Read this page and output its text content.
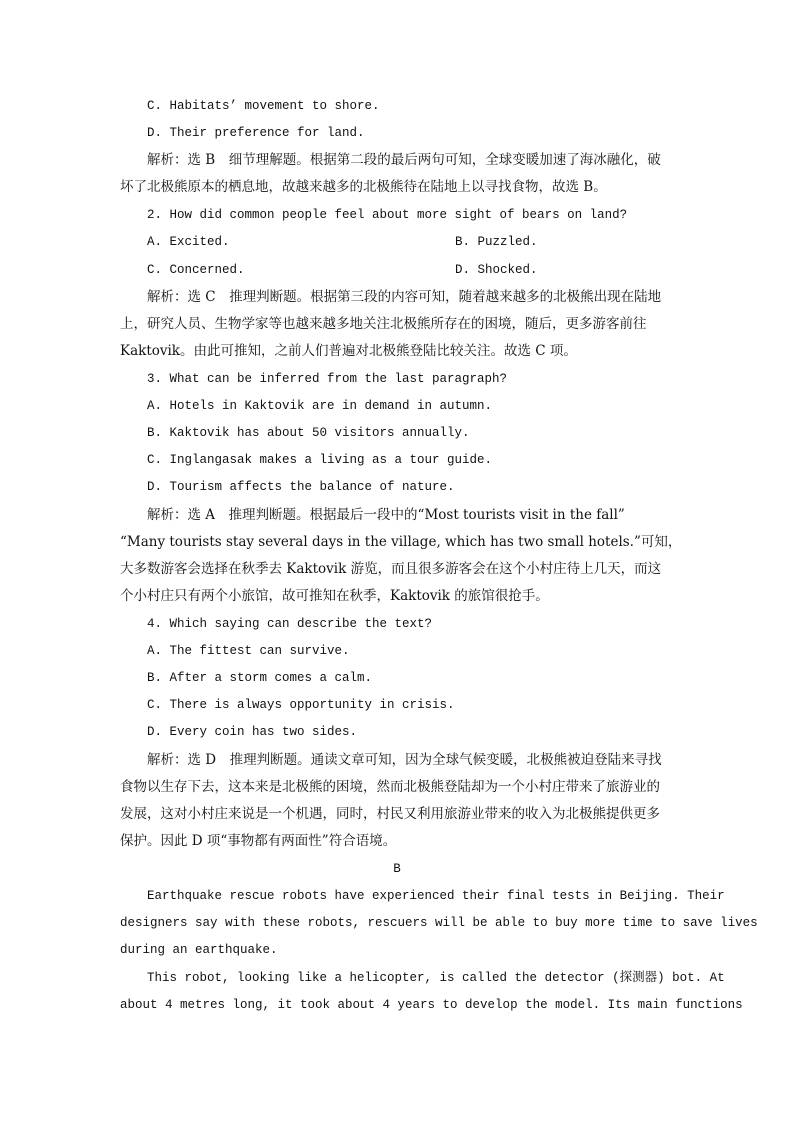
C. Habitats’ movement to shore.
D. Their preference for land.
解析：选 B　细节理解题。根据第二段的最后两句可知，全球变暖加速了海冰融化，破
坏了北极熊原本的栖息地，故越来越多的北极熊待在陆地上以寻找食物，故选 B。
2. How did common people feel about more sight of bears on land?
A. Excited.	B. Puzzled.
C. Concerned.	D. Shocked.
解析：选 C　推理判断题。根据第三段的内容可知，随着越来越多的北极熊出现在陆地
上，研究人员、生物学家等也越来越多地关注北极熊所存在的困境，随后，更多游客前往
Kaktovik。由此可推知，之前人们普遍对北极熊登陆比较关注。故选 C 项。
3. What can be inferred from the last paragraph?
A. Hotels in Kaktovik are in demand in autumn.
B. Kaktovik has about 50 visitors annually.
C. Inglangasak makes a living as a tour guide.
D. Tourism affects the balance of nature.
解析：选 A　推理判断题。根据最后一段中的“Most tourists visit in the fall”
“Many tourists stay several days in the village, which has two small hotels.”可知，
大多数游客会选择在秋季去 Kaktovik 游览，而且很多游客会在这个小村庄待上几天，而这
个小村庄只有两个小旅馆，故可推知在秋季，Kaktovik 的旅馆很抢手。
4. Which saying can describe the text?
A. The fittest can survive.
B. After a storm comes a calm.
C. There is always opportunity in crisis.
D. Every coin has two sides.
解析：选 D　推理判断题。通读文章可知，因为全球气候变暖，北极熊被迫登陆来寻找
食物以生存下去，这本来是北极熊的困境，然而北极熊登陆却为一个小村庄带来了旅游业的
发展，这对小村庄来说是一个机遇，同时，村民又利用旅游业带来的收入为北极熊提供更多
保护。因此 D 项“事物都有两面性”符合语境。
B
Earthquake rescue robots have experienced their final tests in Beijing. Their
designers say with these robots, rescuers will be able to buy more time to save lives
during an earthquake.
This robot, looking like a helicopter, is called the detector (探测器) bot. At
about 4 metres long, it took about 4 years to develop the model. Its main functions
